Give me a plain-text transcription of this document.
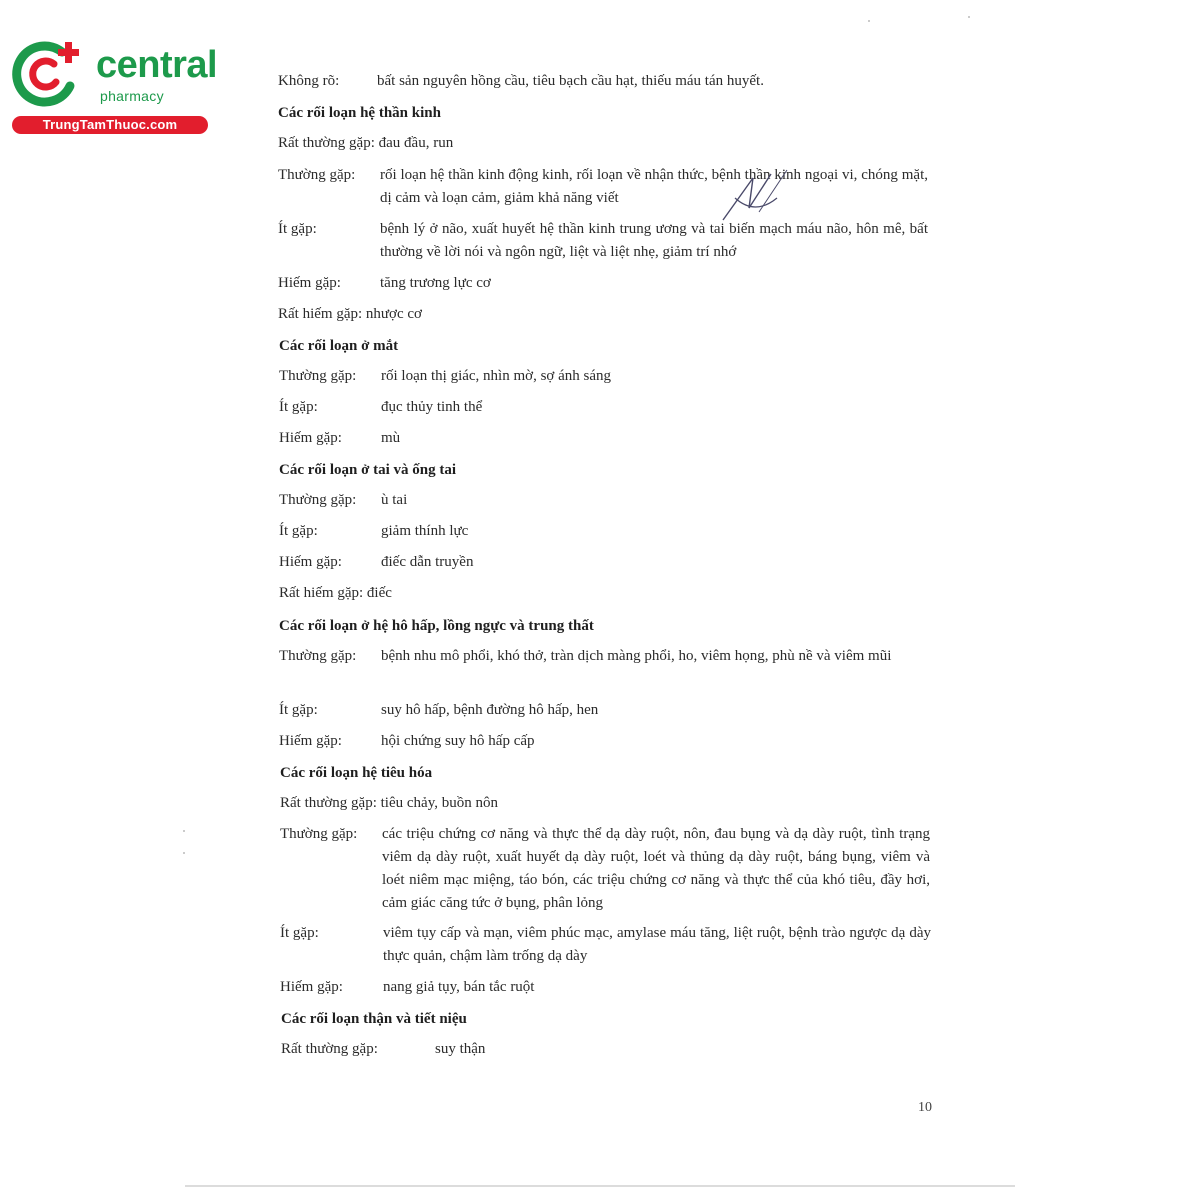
central
pharmacy
TrungTamThuoc.com
Không rõ:	bất sản nguyên hồng cầu, tiêu bạch cầu hạt, thiếu máu tán huyết.
Các rối loạn hệ thần kinh
Rất thường gặp: đau đầu, run
Thường gặp: rối loạn hệ thần kinh động kinh, rối loạn về nhận thức, bệnh thần kinh ngoại vi, chóng mặt, dị cảm và loạn cảm, giảm khả năng viết
Ít gặp:	bệnh lý ở não, xuất huyết hệ thần kinh trung ương và tai biến mạch máu não, hôn mê, bất thường về lời nói và ngôn ngữ, liệt và liệt nhẹ, giảm trí nhớ
Hiếm gặp:	tăng trương lực cơ
Rất hiếm gặp: nhược cơ
Các rối loạn ở mắt
Thường gặp: rối loạn thị giác, nhìn mờ, sợ ánh sáng
Ít gặp:	đục thủy tinh thể
Hiếm gặp:	mù
Các rối loạn ở tai và ống tai
Thường gặp: ù tai
Ít gặp:	giảm thính lực
Hiếm gặp:	điếc dẫn truyền
Rất hiếm gặp: điếc
Các rối loạn ở hệ hô hấp, lồng ngực và trung thất
Thường gặp: bệnh nhu mô phổi, khó thở, tràn dịch màng phổi, ho, viêm họng, phù nề và viêm mũi
Ít gặp:	suy hô hấp, bệnh đường hô hấp, hen
Hiếm gặp:	hội chứng suy hô hấp cấp
Các rối loạn hệ tiêu hóa
Rất thường gặp: tiêu chảy, buồn nôn
Thường gặp: các triệu chứng cơ năng và thực thể dạ dày ruột, nôn, đau bụng và dạ dày ruột, tình trạng viêm dạ dày ruột, xuất huyết dạ dày ruột, loét và thủng dạ dày ruột, báng bụng, viêm và loét niêm mạc miệng, táo bón, các triệu chứng cơ năng và thực thể của khó tiêu, đầy hơi, cảm giác căng tức ở bụng, phân lỏng
Ít gặp:	viêm tụy cấp và mạn, viêm phúc mạc, amylase máu tăng, liệt ruột, bệnh trào ngược dạ dày thực quản, chậm làm trống dạ dày
Hiếm gặp:	nang giả tụy, bán tắc ruột
Các rối loạn thận và tiết niệu
Rất thường gặp:	suy thận
10
